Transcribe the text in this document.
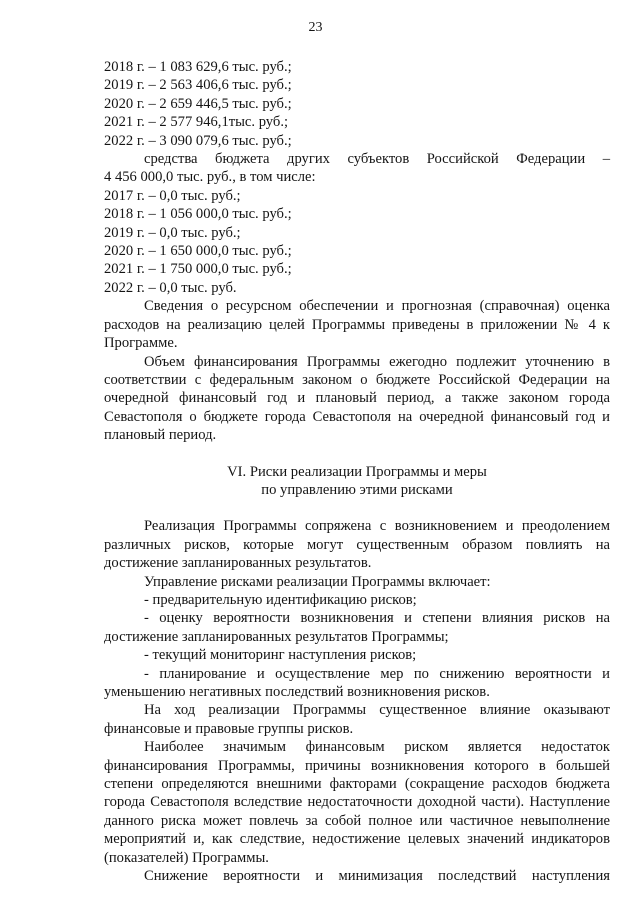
23
2018 г. – 1 083 629,6 тыс. руб.;
2019 г. – 2 563 406,6 тыс. руб.;
2020 г. – 2 659 446,5 тыс. руб.;
2021 г. – 2 577 946,1тыс. руб.;
2022 г. – 3 090 079,6 тыс. руб.;
средства бюджета других субъектов Российской Федерации –
4 456 000,0 тыс. руб., в том числе:
2017 г. – 0,0 тыс. руб.;
2018 г. – 1 056 000,0 тыс. руб.;
2019 г. – 0,0 тыс. руб.;
2020 г. – 1 650 000,0 тыс. руб.;
2021 г. – 1 750 000,0 тыс. руб.;
2022 г. – 0,0 тыс. руб.
Сведения о ресурсном обеспечении и прогнозная (справочная) оценка расходов на реализацию целей Программы приведены в приложении № 4 к Программе.
Объем финансирования Программы ежегодно подлежит уточнению в соответствии с федеральным законом о бюджете Российской Федерации на очередной финансовый год и плановый период, а также законом города Севастополя о бюджете города Севастополя на очередной финансовый год и плановый период.
VI. Риски реализации Программы и меры
по управлению этими рисками
Реализация Программы сопряжена с возникновением и преодолением различных рисков, которые могут существенным образом повлиять на достижение запланированных результатов.
Управление рисками реализации Программы включает:
- предварительную идентификацию рисков;
- оценку вероятности возникновения и степени влияния рисков на достижение запланированных результатов Программы;
- текущий мониторинг наступления рисков;
- планирование и осуществление мер по снижению вероятности и уменьшению негативных последствий возникновения рисков.
На ход реализации Программы существенное влияние оказывают финансовые и правовые группы рисков.
Наиболее значимым финансовым риском является недостаток финансирования Программы, причины возникновения которого в большей степени определяются внешними факторами (сокращение расходов бюджета города Севастополя вследствие недостаточности доходной части). Наступление данного риска может повлечь за собой полное или частичное невыполнение мероприятий и, как следствие, недостижение целевых значений индикаторов (показателей) Программы.
Снижение вероятности и минимизация последствий наступления
